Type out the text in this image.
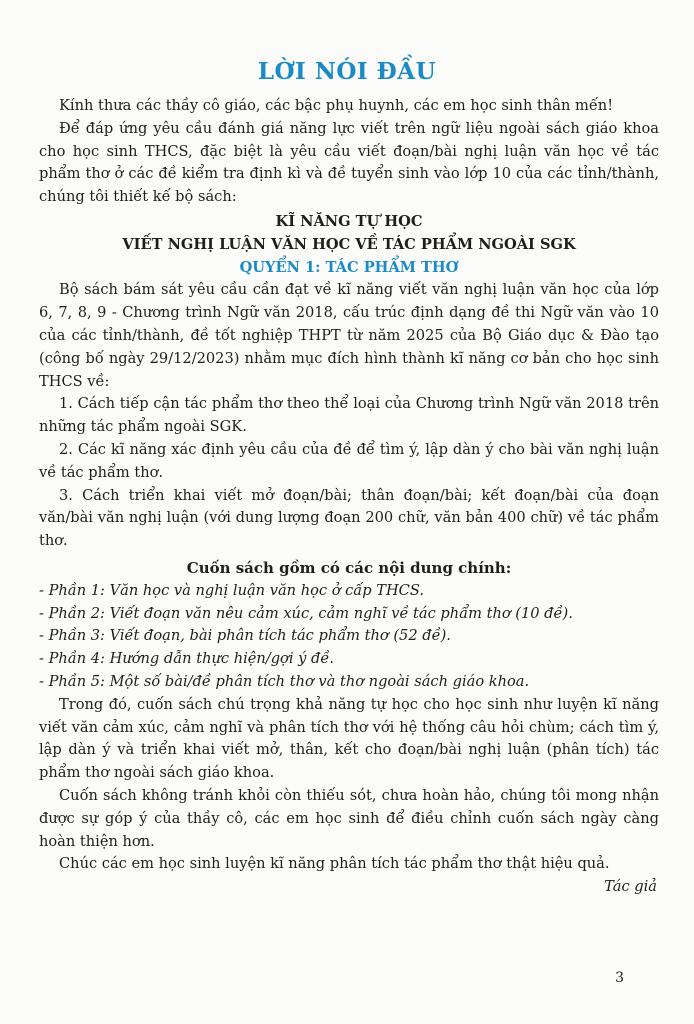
LỜI NÓI ĐẦU

Kính thưa các thầy cô giáo, các bậc phụ huynh, các em học sinh thân mến!

Để đáp ứng yêu cầu đánh giá năng lực viết trên ngữ liệu ngoài sách giáo khoa cho học sinh THCS, đặc biệt là yêu cầu viết đoạn/bài nghị luận văn học về tác phẩm thơ ở các đề kiểm tra định kì và đề tuyển sinh vào lớp 10 của các tỉnh/thành, chúng tôi thiết kế bộ sách:

KĨ NĂNG TỰ HỌC

VIẾT NGHỊ LUẬN VĂN HỌC VỀ TÁC PHẨM NGOÀI SGK

QUYỂN 1: TÁC PHẨM THƠ

Bộ sách bám sát yêu cầu cần đạt về kĩ năng viết văn nghị luận văn học của lớp 6, 7, 8, 9 - Chương trình Ngữ văn 2018, cấu trúc định dạng đề thi Ngữ văn vào 10 của các tỉnh/thành, đề tốt nghiệp THPT từ năm 2025 của Bộ Giáo dục & Đào tạo (công bố ngày 29/12/2023) nhằm mục đích hình thành kĩ năng cơ bản cho học sinh THCS về:

1. Cách tiếp cận tác phẩm thơ theo thể loại của Chương trình Ngữ văn 2018 trên những tác phẩm ngoài SGK.

2. Các kĩ năng xác định yêu cầu của đề để tìm ý, lập dàn ý cho bài văn nghị luận về tác phẩm thơ.

3. Cách triển khai viết mở đoạn/bài; thân đoạn/bài; kết đoạn/bài của đoạn văn/bài văn nghị luận (với dung lượng đoạn 200 chữ, văn bản 400 chữ) về tác phẩm thơ.

Cuốn sách gồm có các nội dung chính:

- Phần 1: Văn học và nghị luận văn học ở cấp THCS.

- Phần 2: Viết đoạn văn nêu cảm xúc, cảm nghĩ về tác phẩm thơ (10 đề).

- Phần 3: Viết đoạn, bài phân tích tác phẩm thơ (52 đề).

- Phần 4: Hướng dẫn thực hiện/gợi ý đề.

- Phần 5: Một số bài/đề phân tích thơ và thơ ngoài sách giáo khoa.

Trong đó, cuốn sách chú trọng khả năng tự học cho học sinh như luyện kĩ năng viết văn cảm xúc, cảm nghĩ và phân tích thơ với hệ thống câu hỏi chùm; cách tìm ý, lập dàn ý và triển khai viết mở, thân, kết cho đoạn/bài nghị luận (phân tích) tác phẩm thơ ngoài sách giáo khoa.

Cuốn sách không tránh khỏi còn thiếu sót, chưa hoàn hảo, chúng tôi mong nhận được sự góp ý của thầy cô, các em học sinh để điều chỉnh cuốn sách ngày càng hoàn thiện hơn.

Chúc các em học sinh luyện kĩ năng phân tích tác phẩm thơ thật hiệu quả.

Tác giả

3
